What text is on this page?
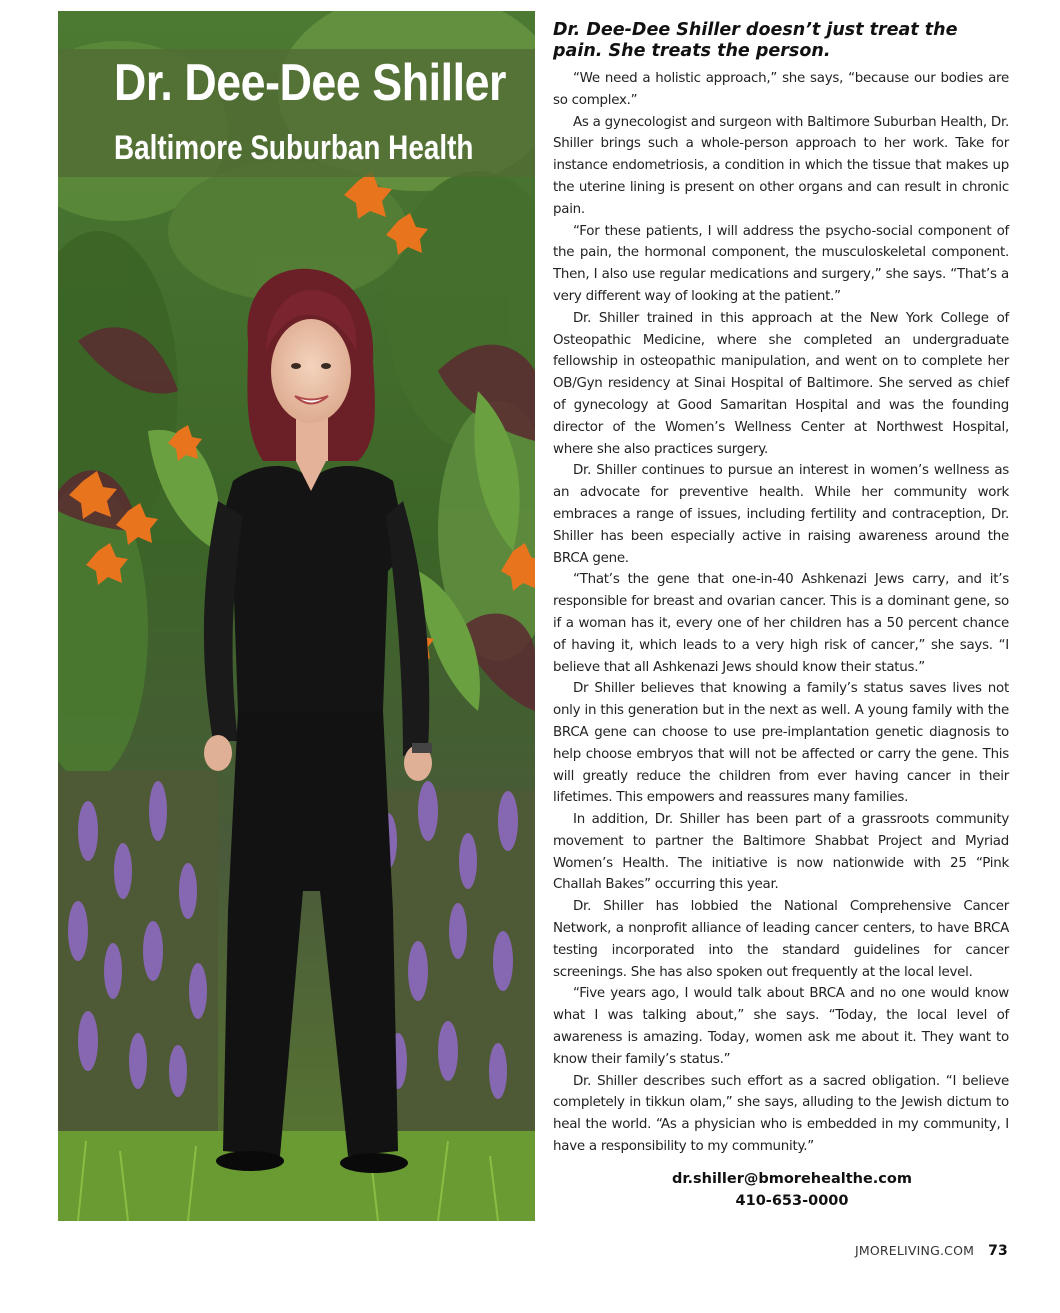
Dr. Dee-Dee Shiller
Baltimore Suburban Health
Dr. Dee-Dee Shiller doesn’t just treat the pain. She treats the person.

“We need a holistic approach,” she says, “because our bodies are so complex.”

As a gynecologist and surgeon with Baltimore Suburban Health, Dr. Shiller brings such a whole-person approach to her work. Take for instance endometriosis, a condition in which the tissue that makes up the uterine lining is present on other organs and can result in chronic pain.

“For these patients, I will address the psycho-social component of the pain, the hormonal component, the musculoskeletal component. Then, I also use regular medications and surgery,” she says. “That’s a very different way of looking at the patient.”

Dr. Shiller trained in this approach at the New York College of Osteopathic Medicine, where she completed an undergraduate fellowship in osteopathic manipulation, and went on to complete her OB/Gyn residency at Sinai Hospital of Baltimore. She served as chief of gynecology at Good Samaritan Hospital and was the founding director of the Women’s Wellness Center at Northwest Hospital, where she also practices surgery.

Dr. Shiller continues to pursue an interest in women’s wellness as an advocate for preventive health. While her community work embraces a range of issues, including fertility and contraception, Dr. Shiller has been especially active in raising awareness around the BRCA gene.

“That’s the gene that one-in-40 Ashkenazi Jews carry, and it’s responsible for breast and ovarian cancer. This is a dominant gene, so if a woman has it, every one of her children has a 50 percent chance of having it, which leads to a very high risk of cancer,” she says. “I believe that all Ashkenazi Jews should know their status.”

Dr Shiller believes that knowing a family’s status saves lives not only in this generation but in the next as well. A young family with the BRCA gene can choose to use pre-implantation genetic diagnosis to help choose embryos that will not be affected or carry the gene. This will greatly reduce the children from ever having cancer in their lifetimes. This empowers and reassures many families.

In addition, Dr. Shiller has been part of a grassroots community movement to partner the Baltimore Shabbat Project and Myriad Women’s Health. The initiative is now nationwide with 25 “Pink Challah Bakes” occurring this year.

Dr. Shiller has lobbied the National Comprehensive Cancer Network, a nonprofit alliance of leading cancer centers, to have BRCA testing incorporated into the standard guidelines for cancer screenings. She has also spoken out frequently at the local level.

“Five years ago, I would talk about BRCA and no one would know what I was talking about,” she says. “Today, the local level of awareness is amazing. Today, women ask me about it. They want to know their family’s status.”

Dr. Shiller describes such effort as a sacred obligation. “I believe completely in tikkun olam,” she says, alluding to the Jewish dictum to heal the world. “As a physician who is embedded in my community, I have a responsibility to my community.”

dr.shiller@bmorehealthe.com
410-653-0000
JMORELIVING.COM 73
